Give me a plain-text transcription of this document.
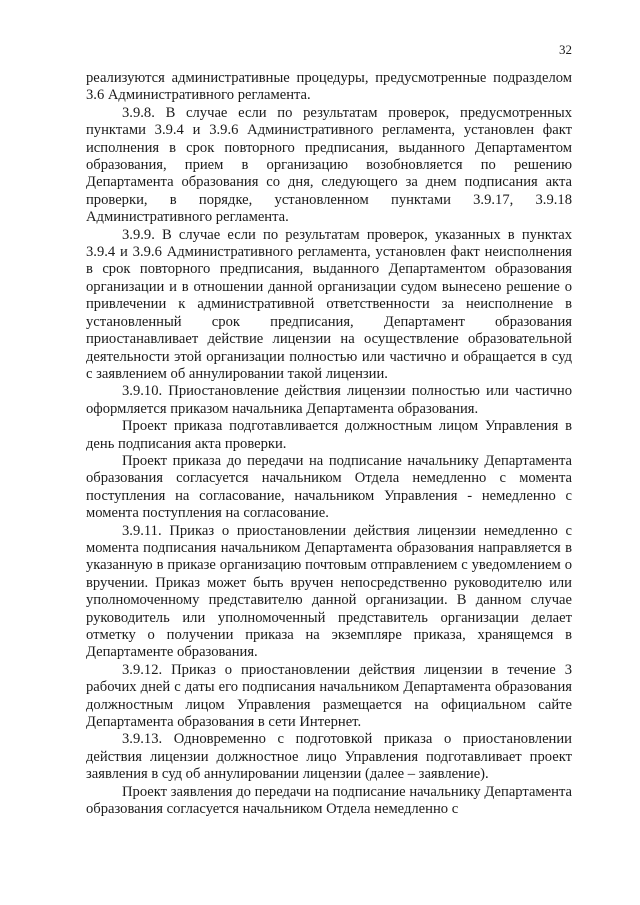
32

реализуются административные процедуры, предусмотренные подразделом 3.6 Административного регламента.

3.9.8. В случае если по результатам проверок, предусмотренных пунктами 3.9.4 и 3.9.6 Административного регламента, установлен факт исполнения в срок повторного предписания, выданного Департаментом образования, прием в организацию возобновляется по решению Департамента образования со дня, следующего за днем подписания акта проверки, в порядке, установленном пунктами 3.9.17, 3.9.18 Административного регламента.

3.9.9. В случае если по результатам проверок, указанных в пунктах 3.9.4 и 3.9.6 Административного регламента, установлен факт неисполнения в срок повторного предписания, выданного Департаментом образования организации и в отношении данной организации судом вынесено решение о привлечении к административной ответственности за неисполнение в установленный срок предписания, Департамент образования приостанавливает действие лицензии на осуществление образовательной деятельности этой организации полностью или частично и обращается в суд с заявлением об аннулировании такой лицензии.

3.9.10. Приостановление действия лицензии полностью или частично оформляется приказом начальника Департамента образования.

Проект приказа подготавливается должностным лицом Управления в день подписания акта проверки.

Проект приказа до передачи на подписание начальнику Департамента образования согласуется начальником Отдела немедленно с момента поступления на согласование, начальником Управления - немедленно с момента поступления на согласование.

3.9.11. Приказ о приостановлении действия лицензии немедленно с момента подписания начальником Департамента образования направляется в указанную в приказе организацию почтовым отправлением с уведомлением о вручении. Приказ может быть вручен непосредственно руководителю или уполномоченному представителю данной организации. В данном случае руководитель или уполномоченный представитель организации делает отметку о получении приказа на экземпляре приказа, хранящемся в Департаменте образования.

3.9.12. Приказ о приостановлении действия лицензии в течение 3 рабочих дней с даты его подписания начальником Департамента образования должностным лицом Управления размещается на официальном сайте Департамента образования в сети Интернет.

3.9.13. Одновременно с подготовкой приказа о приостановлении действия лицензии должностное лицо Управления подготавливает проект заявления в суд об аннулировании лицензии (далее – заявление).

Проект заявления до передачи на подписание начальнику Департамента образования согласуется начальником Отдела немедленно с
